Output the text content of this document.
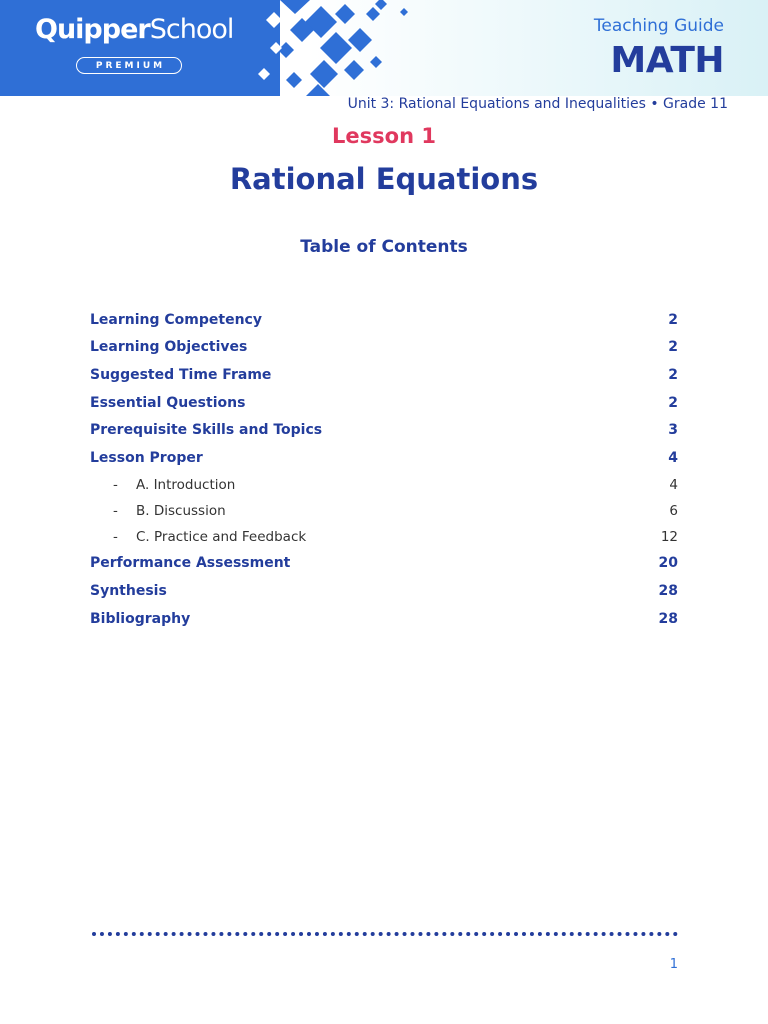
QuipperSchool
PREMIUM
Teaching Guide
MATH
Unit 3: Rational Equations and Inequalities • Grade 11
Lesson 1
Rational Equations
Table of Contents
Learning Competency	2
Learning Objectives	2
Suggested Time Frame	2
Essential Questions	2
Prerequisite Skills and Topics	3
Lesson Proper	4
-	A. Introduction	4
-	B. Discussion	6
-	C. Practice and Feedback	12
Performance Assessment	20
Synthesis	28
Bibliography	28
1
